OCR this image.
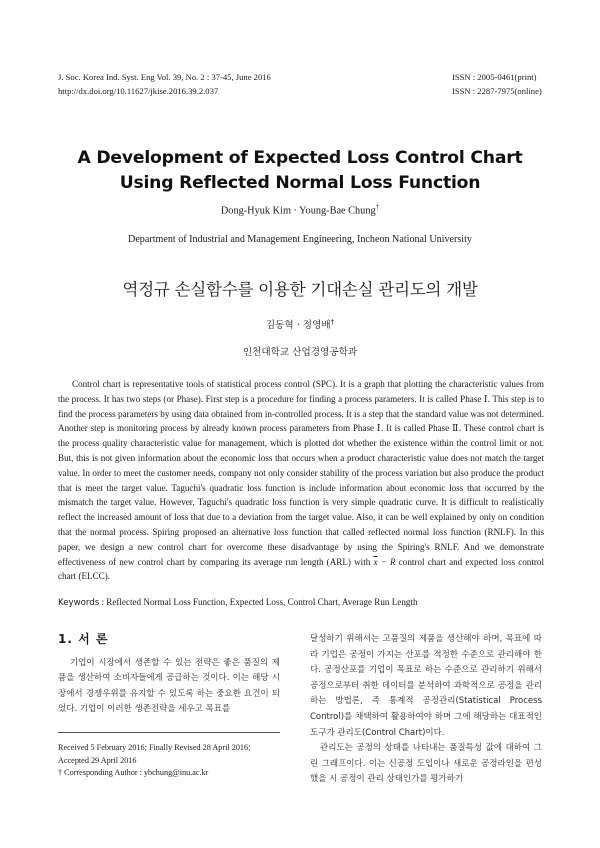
J. Soc. Korea Ind. Syst. Eng Vol. 39, No. 2 : 37-45, June 2016
http://dx.doi.org/10.11627/jkise.2016.39.2.037
ISSN : 2005-0461(print)
ISSN : 2287-7975(online)
A Development of Expected Loss Control Chart
Using Reflected Normal Loss Function
Dong-Hyuk Kim · Young-Bae Chung†
Department of Industrial and Management Engineering, Incheon National University
역정규 손실함수를 이용한 기대손실 관리도의 개발
김동혁 · 정영배†
인천대학교 산업경영공학과

Control chart is representative tools of statistical process control (SPC). It is a graph that plotting the characteristic values from the process. It has two steps (or Phase). First step is a procedure for finding a process parameters. It is called Phase Ⅰ. This step is to find the process parameters by using data obtained from in-controlled process. It is a step that the standard value was not determined. Another step is monitoring process by already known process parameters from Phase Ⅰ. It is called Phase Ⅱ. These control chart is the process quality characteristic value for management, which is plotted dot whether the existence within the control limit or not. But, this is not given information about the economic loss that occurs when a product characteristic value does not match the target value. In order to meet the customer needs, company not only consider stability of the process variation but also produce the product that is meet the target value. Taguchi's quadratic loss function is include information about economic loss that occurred by the mismatch the target value. However, Taguchi's quadratic loss function is very simple quadratic curve. It is difficult to realistically reflect the increased amount of loss that due to a deviation from the target value. Also, it can be well explained by only on condition that the normal process. Spiring proposed an alternative loss function that called reflected normal loss function (RNLF). In this paper, we design a new control chart for overcome these disadvantage by using the Spiring's RNLF. And we demonstrate effectiveness of new control chart by comparing its average run length (ARL) with $\overline{x} - R$ control chart and expected loss control chart (ELCC).

Keywords : Reflected Normal Loss Function, Expected Loss, Control Chart, Average Run Length
1. 서 론

기업이 시장에서 생존할 수 있는 전략은 좋은 품질의 제품을 생산하여 소비자들에게 공급하는 것이다. 이는 해당 시장에서 경쟁우위를 유지할 수 있도록 하는 중요한 요건이 되었다. 기업이 이러한 생존전략을 세우고 목표를

달성하기 위해서는 고품질의 제품을 생산해야 하며, 목표에 따라 기업은 공정이 가지는 산포를 적정한 수준으로 관리해야 한다. 공정산포를 기업이 목표로 하는 수준으로 관리하기 위해서 공정으로부터 취한 데이터를 분석하여 과학적으로 공정을 관리하는 방법론, 즉 통계적 공정관리(Statistical Process Control)를 채택하여 활용하여야 하며 그에 해당하는 대표적인 도구가 관리도(Control Chart)이다.

관리도는 공정의 상태를 나타내는 품질특성 값에 대하여 그린 그래프이다. 이는 신공정 도입이나 새로운 공정라인을 편성했을 시 공정이 관리 상태인가를 평가하기

Received 5 February 2016; Finally Revised 28 April 2016;
Accepted 29 April 2016
† Corresponding Author : ybchung@inu.ac.kr
